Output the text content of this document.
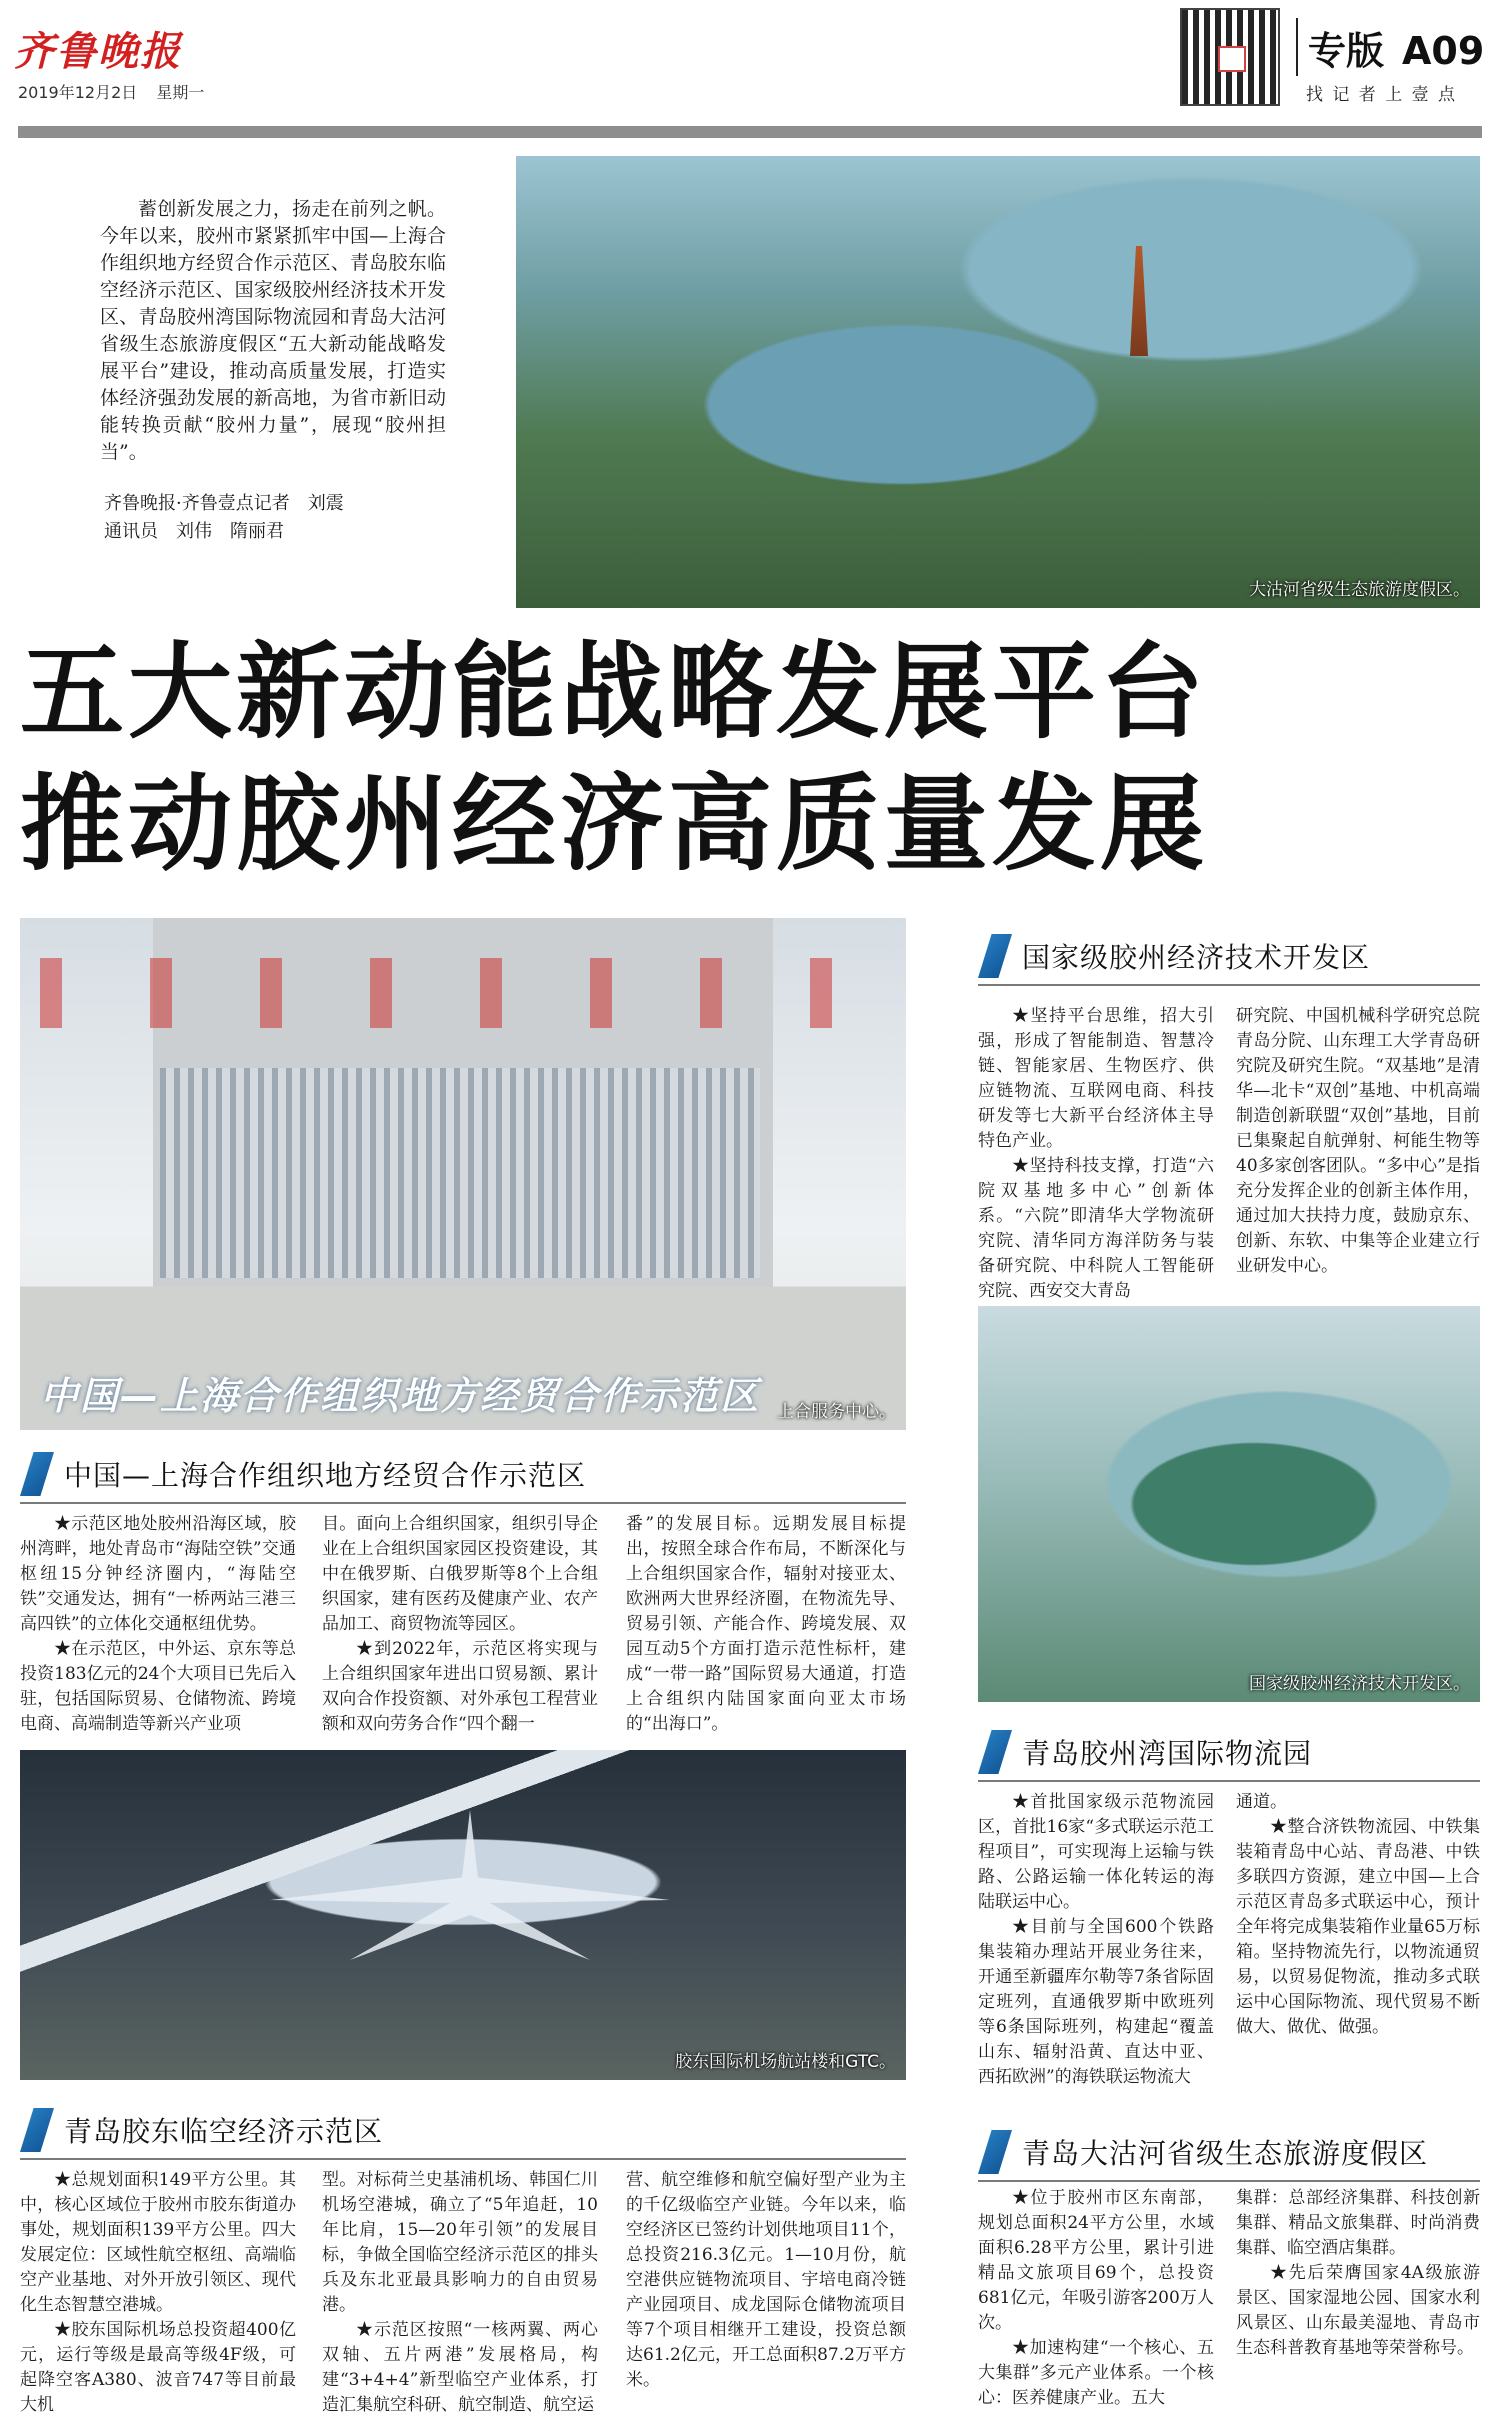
齐鲁晚报
2019年12月2日 星期一
专版 A09
找 记 者 上 壹 点

蓄创新发展之力，扬走在前列之帆。今年以来，胶州市紧紧抓牢中国—上海合作组织地方经贸合作示范区、青岛胶东临空经济示范区、国家级胶州经济技术开发区、青岛胶州湾国际物流园和青岛大沽河省级生态旅游度假区“五大新动能战略发展平台”建设，推动高质量发展，打造实体经济强劲发展的新高地，为省市新旧动能转换贡献“胶州力量”，展现“胶州担当”。

齐鲁晚报·齐鲁壹点记者　刘震
通讯员　刘伟　隋丽君
大沽河省级生态旅游度假区。
五大新动能战略发展平台
推动胶州经济高质量发展
中国—上海合作组织地方经贸合作示范区 上合服务中心。
国家级胶州经济技术开发区

★坚持平台思维，招大引强，形成了智能制造、智慧冷链、智能家居、生物医疗、供应链物流、互联网电商、科技研发等七大新平台经济体主导特色产业。

★坚持科技支撑，打造“六院双基地多中心”创新体系。“六院”即清华大学物流研究院、清华同方海洋防务与装备研究院、中科院人工智能研究院、西安交大青岛

研究院、中国机械科学研究总院青岛分院、山东理工大学青岛研究院及研究生院。“双基地”是清华—北卡“双创”基地、中机高端制造创新联盟“双创”基地，目前已集聚起自航弹射、柯能生物等40多家创客团队。“多中心”是指充分发挥企业的创新主体作用，通过加大扶持力度，鼓励京东、创新、东软、中集等企业建立行业研发中心。

中国—上海合作组织地方经贸合作示范区

★示范区地处胶州沿海区域，胶州湾畔，地处青岛市“海陆空铁”交通枢纽15分钟经济圈内，“海陆空铁”交通发达，拥有“一桥两站三港三高四铁”的立体化交通枢纽优势。

★在示范区，中外运、京东等总投资183亿元的24个大项目已先后入驻，包括国际贸易、仓储物流、跨境电商、高端制造等新兴产业项

目。面向上合组织国家，组织引导企业在上合组织国家园区投资建设，其中在俄罗斯、白俄罗斯等8个上合组织国家，建有医药及健康产业、农产品加工、商贸物流等园区。

★到2022年，示范区将实现与上合组织国家年进出口贸易额、累计双向合作投资额、对外承包工程营业额和双向劳务合作“四个翻一

番”的发展目标。远期发展目标提出，按照全球合作布局，不断深化与上合组织国家合作，辐射对接亚太、欧洲两大世界经济圈，在物流先导、贸易引领、产能合作、跨境发展、双园互动5个方面打造示范性标杆，建成“一带一路”国际贸易大通道，打造上合组织内陆国家面向亚太市场的“出海口”。

国家级胶州经济技术开发区。
青岛胶州湾国际物流园

★首批国家级示范物流园区，首批16家“多式联运示范工程项目”，可实现海上运输与铁路、公路运输一体化转运的海陆联运中心。

★目前与全国600个铁路集装箱办理站开展业务往来，开通至新疆库尔勒等7条省际固定班列，直通俄罗斯中欧班列等6条国际班列，构建起“覆盖山东、辐射沿黄、直达中亚、西拓欧洲”的海铁联运物流大

通道。

★整合济铁物流园、中铁集装箱青岛中心站、青岛港、中铁多联四方资源，建立中国—上合示范区青岛多式联运中心，预计全年将完成集装箱作业量65万标箱。坚持物流先行，以物流通贸易，以贸易促物流，推动多式联运中心国际物流、现代贸易不断做大、做优、做强。

胶东国际机场航站楼和GTC。
青岛胶东临空经济示范区

★总规划面积149平方公里。其中，核心区域位于胶州市胶东街道办事处，规划面积139平方公里。四大发展定位：区域性航空枢纽、高端临空产业基地、对外开放引领区、现代化生态智慧空港城。

★胶东国际机场总投资超400亿元，运行等级是最高等级4F级，可起降空客A380、波音747等目前最大机

型。对标荷兰史基浦机场、韩国仁川机场空港城，确立了“5年追赶，10年比肩，15—20年引领”的发展目标，争做全国临空经济示范区的排头兵及东北亚最具影响力的自由贸易港。

★示范区按照“一核两翼、两心双轴、五片两港”发展格局，构建“3+4+4”新型临空产业体系，打造汇集航空科研、航空制造、航空运

营、航空维修和航空偏好型产业为主的千亿级临空产业链。今年以来，临空经济区已签约计划供地项目11个，总投资216.3亿元。1—10月份，航空港供应链物流项目、宇培电商冷链产业园项目、成龙国际仓储物流项目等7个项目相继开工建设，投资总额达61.2亿元，开工总面积87.2万平方米。

青岛大沽河省级生态旅游度假区

★位于胶州市区东南部，规划总面积24平方公里，水域面积6.28平方公里，累计引进精品文旅项目69个，总投资681亿元，年吸引游客200万人次。

★加速构建“一个核心、五大集群”多元产业体系。一个核心：医养健康产业。五大

集群：总部经济集群、科技创新集群、精品文旅集群、时尚消费集群、临空酒店集群。

★先后荣膺国家4A级旅游景区、国家湿地公园、国家水利风景区、山东最美湿地、青岛市生态科普教育基地等荣誉称号。
